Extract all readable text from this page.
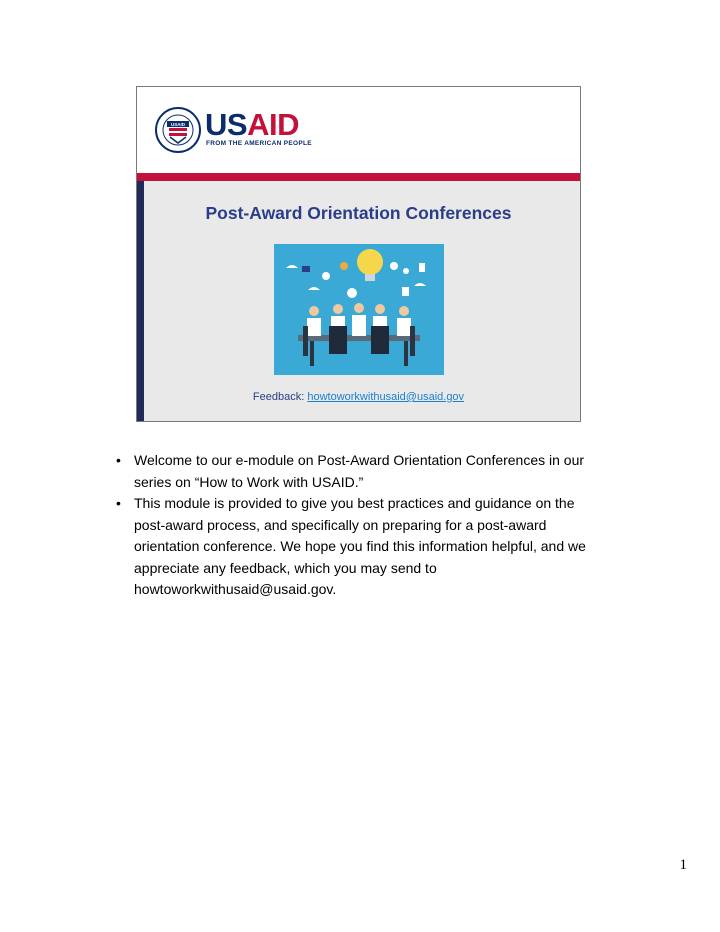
USAID USAID
FROM THE AMERICAN PEOPLE
Post-Award Orientation Conferences
Feedback: howtoworkwithusaid@usaid.gov
• Welcome to our e-module on Post-Award Orientation Conferences in our series on “How to Work with USAID.”
• This module is provided to give you best practices and guidance on the post-award process, and specifically on preparing for a post-award orientation conference. We hope you find this information helpful, and we appreciate any feedback, which you may send to howtoworkwithusaid@usaid.gov.
1
